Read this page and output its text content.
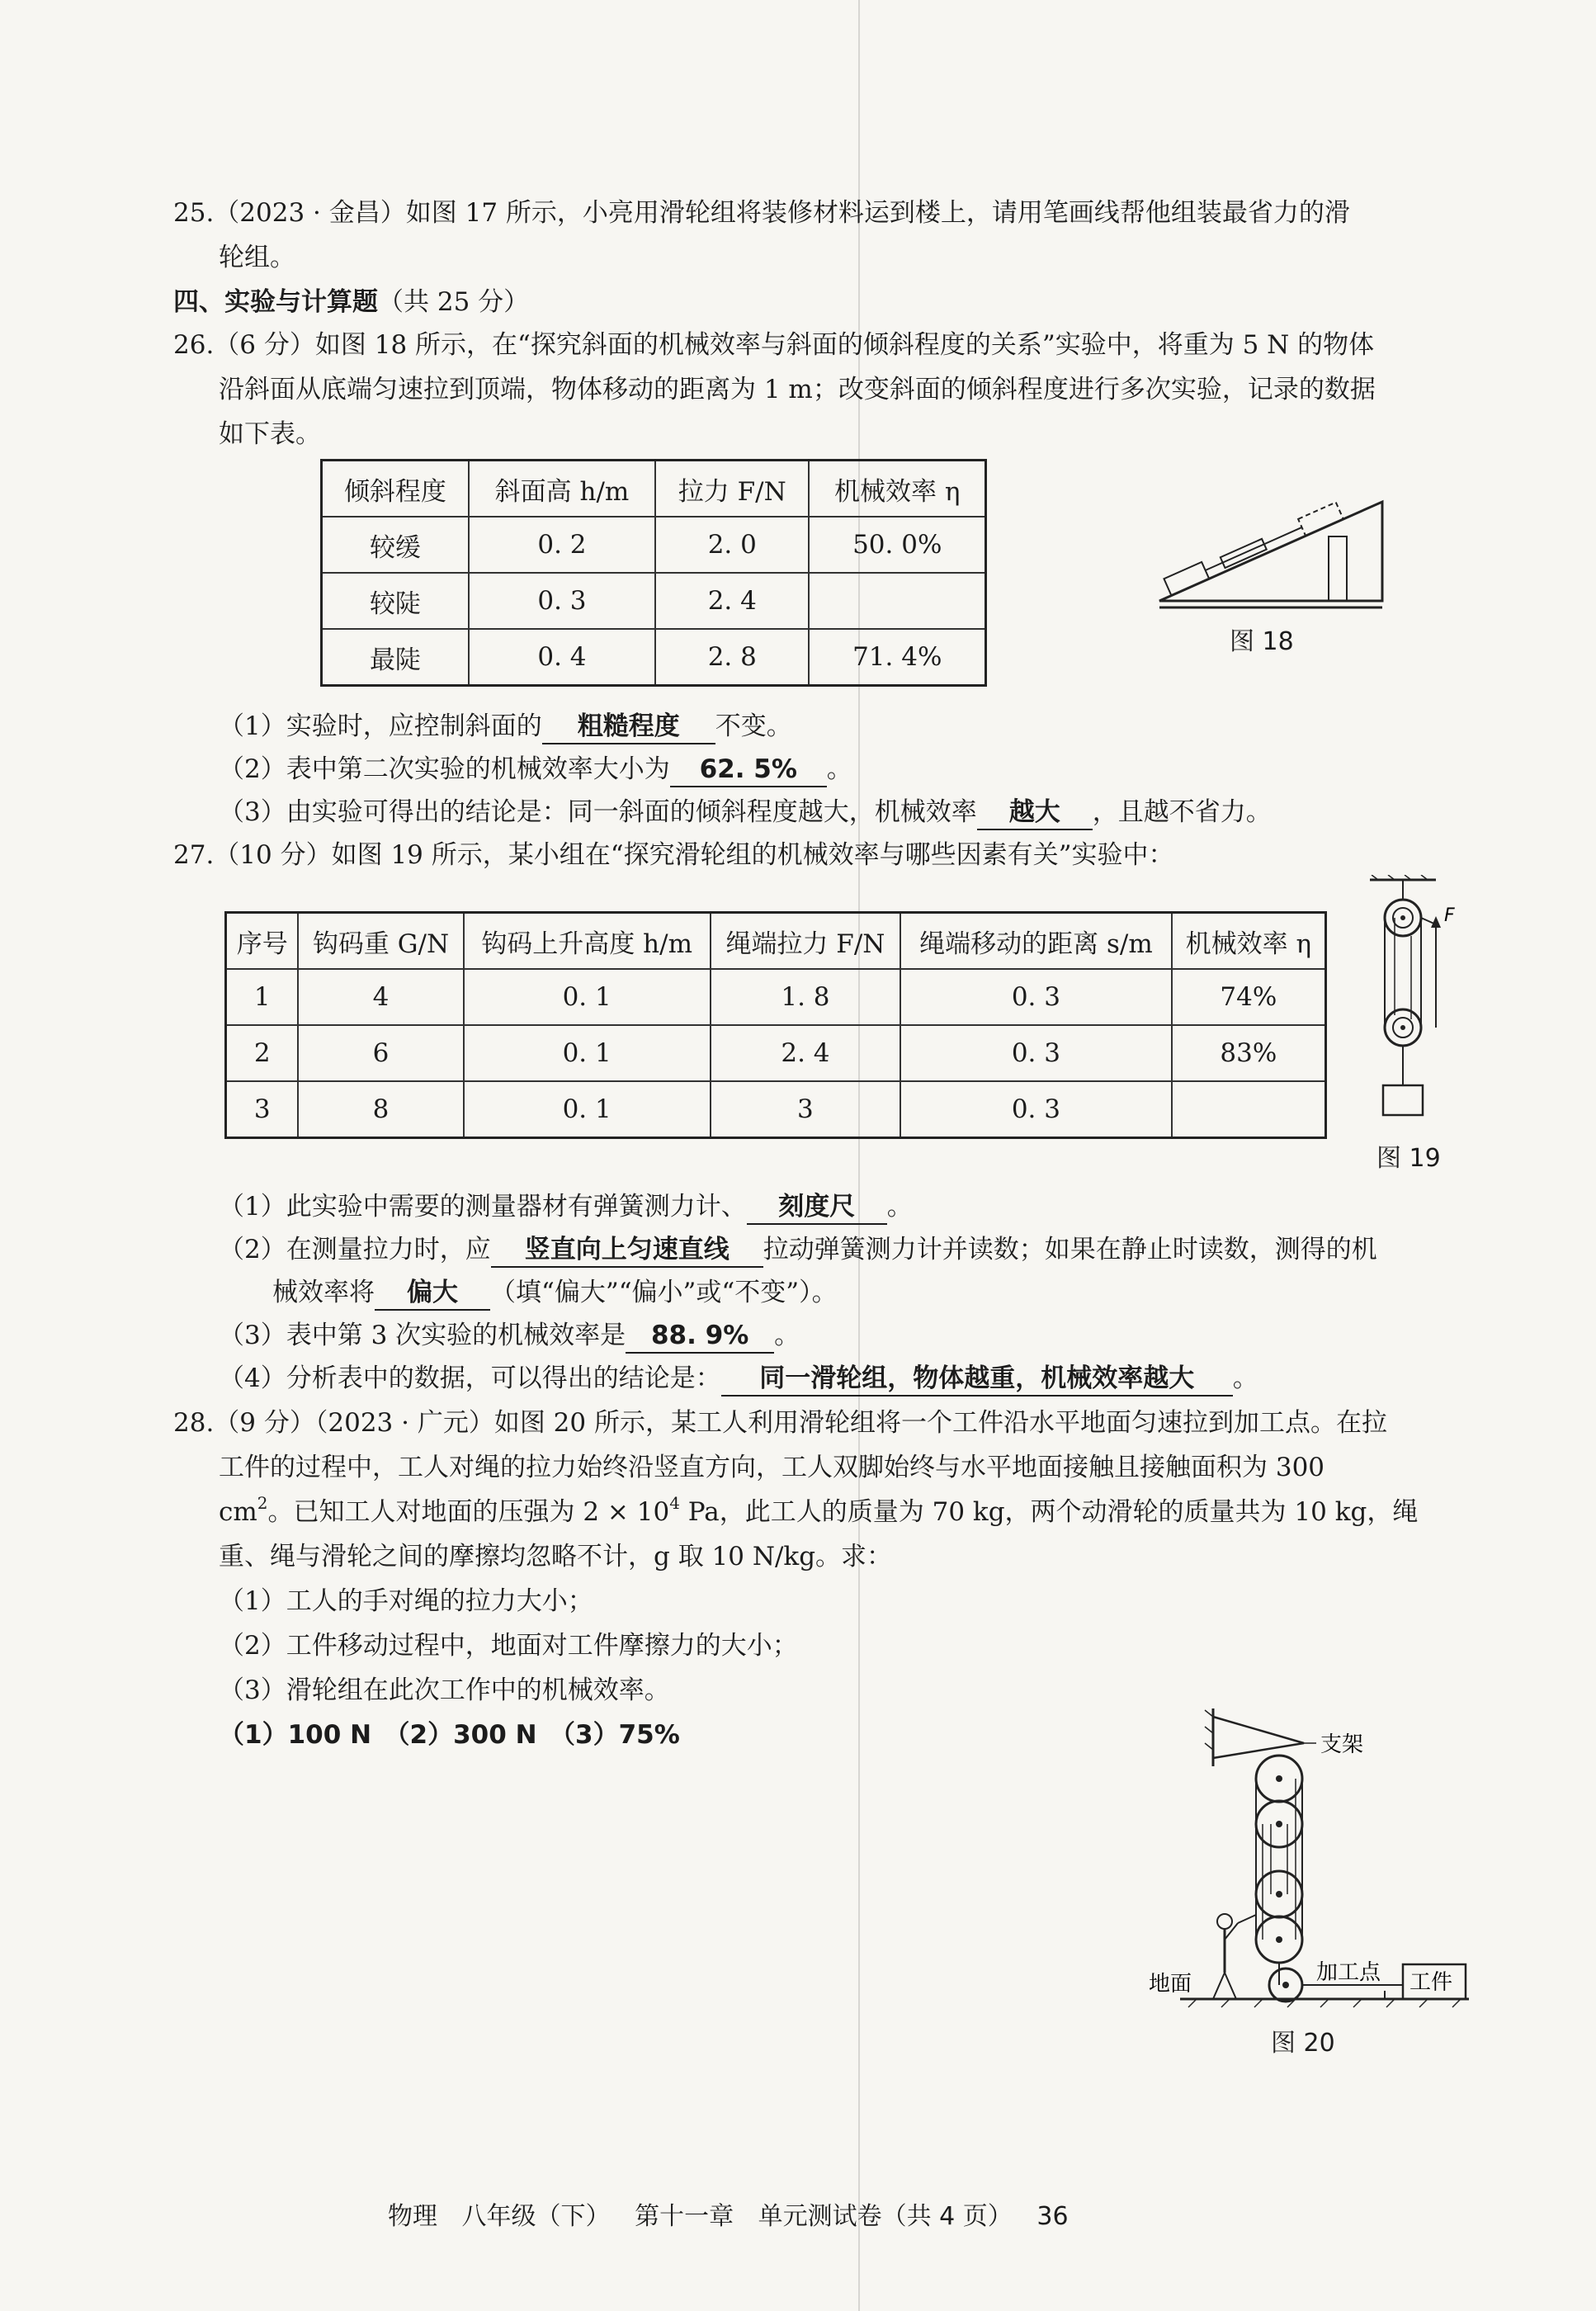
25.（2023 · 金昌）如图 17 所示，小亮用滑轮组将装修材料运到楼上，请用笔画线帮他组装最省力的滑
轮组。
四、实验与计算题（共 25 分）
26.（6 分）如图 18 所示，在“探究斜面的机械效率与斜面的倾斜程度的关系”实验中，将重为 5 N 的物体
沿斜面从底端匀速拉到顶端，物体移动的距离为 1 m；改变斜面的倾斜程度进行多次实验，记录的数据
如下表。
倾斜程度	斜面高 h/m	拉力 F/N	机械效率 η
较缓	0. 2	2. 0	50. 0%
较陡	0. 3	2. 4	
最陡	0. 4	2. 8	71. 4%
图 18
（1）实验时，应控制斜面的 粗糙程度 不变。
（2）表中第二次实验的机械效率大小为 62. 5% 。
（3）由实验可得出的结论是：同一斜面的倾斜程度越大，机械效率 越大 ，且越不省力。
27.（10 分）如图 19 所示，某小组在“探究滑轮组的机械效率与哪些因素有关”实验中：
序号	钩码重 G/N	钩码上升高度 h/m	绳端拉力 F/N	绳端移动的距离 s/m	机械效率 η
1	4	0. 1	1. 8	0. 3	74%
2	6	0. 1	2. 4	0. 3	83%
3	8	0. 1	3	0. 3	
F
图 19
（1）此实验中需要的测量器材有弹簧测力计、 刻度尺 。
（2）在测量拉力时，应 竖直向上匀速直线 拉动弹簧测力计并读数；如果在静止时读数，测得的机
械效率将 偏大 （填“偏大”“偏小”或“不变”）。
（3）表中第 3 次实验的机械效率是 88. 9% 。
（4）分析表中的数据，可以得出的结论是： 同一滑轮组，物体越重，机械效率越大 。
28.（9 分）（2023 · 广元）如图 20 所示，某工人利用滑轮组将一个工件沿水平地面匀速拉到加工点。在拉
工件的过程中，工人对绳的拉力始终沿竖直方向，工人双脚始终与水平地面接触且接触面积为 300
$cm^2$。已知工人对地面的压强为 $2 \times 10^4$ Pa，此工人的质量为 70 kg，两个动滑轮的质量共为 10 kg，绳
重、绳与滑轮之间的摩擦均忽略不计，g 取 10 N/kg。求：
（1）工人的手对绳的拉力大小；
（2）工件移动过程中，地面对工件摩擦力的大小；
（3）滑轮组在此次工作中的机械效率。
（1）100 N　（2）300 N　（3）75%	支架
加工点 工件
地面
图 20
物理 八年级（下） 第十一章 单元测试卷（共 4 页） 36
